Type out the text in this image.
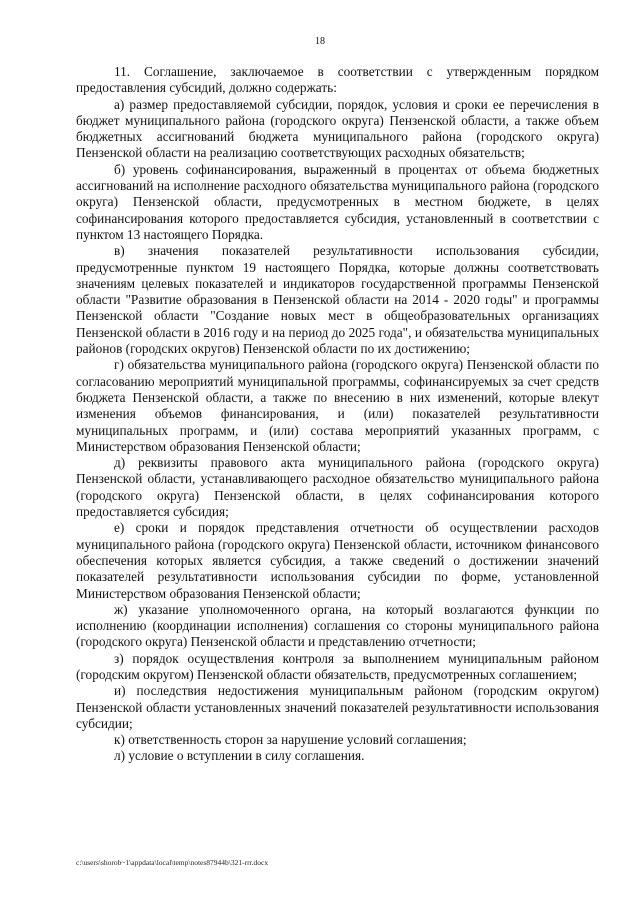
18

11. Соглашение, заключаемое в соответствии с утвержденным порядком предоставления субсидий, должно содержать:

а) размер предоставляемой субсидии, порядок, условия и сроки ее перечисления в бюджет муниципального района (городского округа) Пензенской области, а также объем бюджетных ассигнований бюджета муниципального района (городского округа) Пензенской области на реализацию соответствующих расходных обязательств;

б) уровень софинансирования, выраженный в процентах от объема бюджетных ассигнований на исполнение расходного обязательства муниципального района (городского округа) Пензенской области, предусмотренных в местном бюджете, в целях софинансирования которого предоставляется субсидия, установленный в соответствии с пунктом 13 настоящего Порядка.

в) значения показателей результативности использования субсидии, предусмотренные пунктом 19 настоящего Порядка, которые должны соответствовать значениям целевых показателей и индикаторов государственной программы Пензенской области "Развитие образования в Пензенской области на 2014 - 2020 годы" и программы Пензенской области "Создание новых мест в общеобразовательных организациях Пензенской области в 2016 году и на период до 2025 года", и обязательства муниципальных районов (городских округов) Пензенской области по их достижению;

г) обязательства муниципального района (городского округа) Пензенской области по согласованию мероприятий муниципальной программы, софинансируемых за счет средств бюджета Пензенской области, а также по внесению в них изменений, которые влекут изменения объемов финансирования, и (или) показателей результативности муниципальных программ, и (или) состава мероприятий указанных программ, с Министерством образования Пензенской области;

д) реквизиты правового акта муниципального района (городского округа) Пензенской области, устанавливающего расходное обязательство муниципального района (городского округа) Пензенской области, в целях софинансирования которого предоставляется субсидия;

е) сроки и порядок представления отчетности об осуществлении расходов муниципального района (городского округа) Пензенской области, источником финансового обеспечения которых является субсидия, а также сведений о достижении значений показателей результативности использования субсидии по форме, установленной Министерством образования Пензенской области;

ж) указание уполномоченного органа, на который возлагаются функции по исполнению (координации исполнения) соглашения со стороны муниципального района (городского округа) Пензенской области и представлению отчетности;

з) порядок осуществления контроля за выполнением муниципальным районом (городским округом) Пензенской области обязательств, предусмотренных соглашением;

и) последствия недостижения муниципальным районом (городским округом) Пензенской области установленных значений показателей результативности использования субсидии;

к) ответственность сторон за нарушение условий соглашения;

л) условие о вступлении в силу соглашения.

c:\users\shorob~1\appdata\local\temp\notes87944b\321-rrr.docx
